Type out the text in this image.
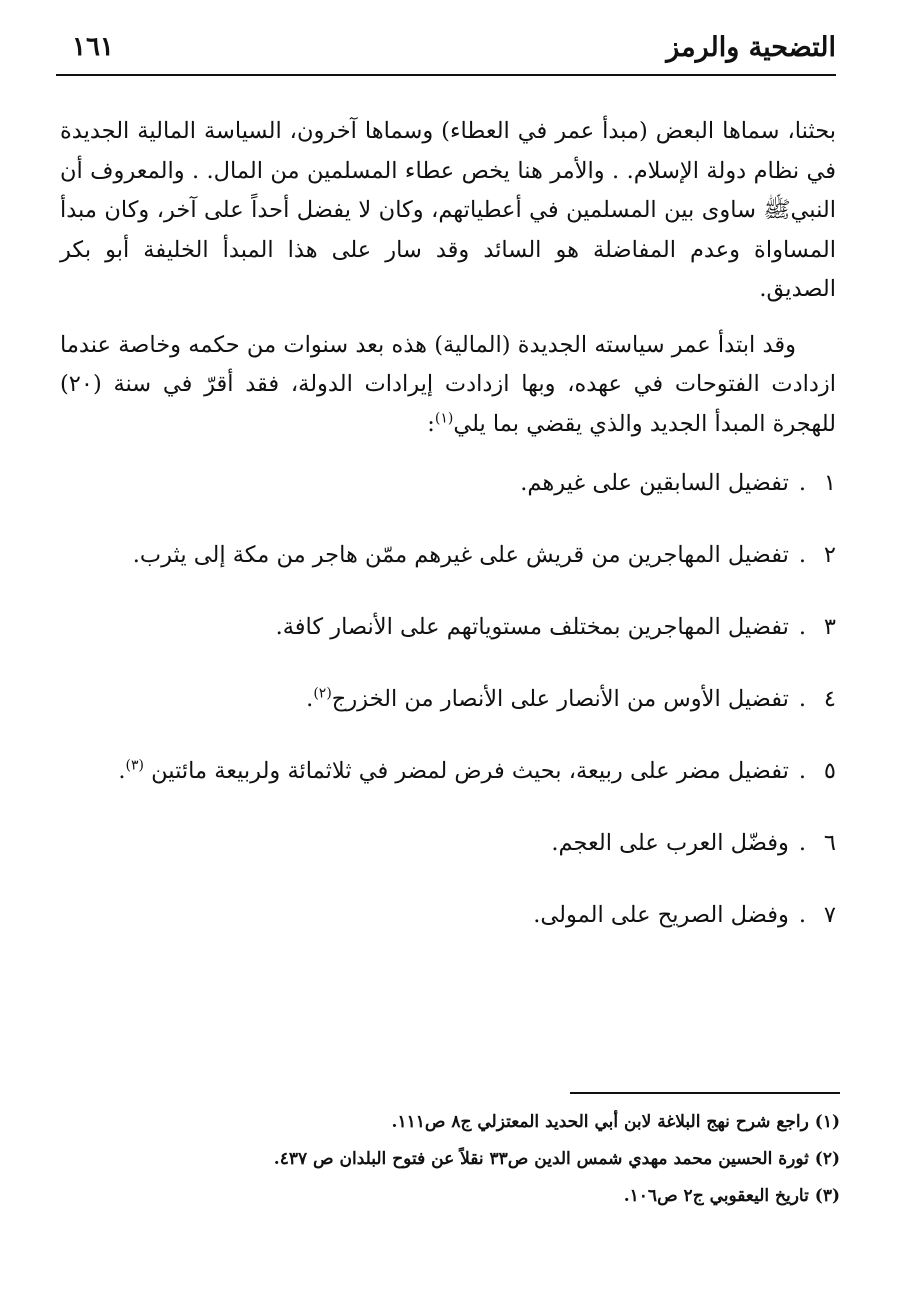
التضحية والرمز
١٦١

بحثنا، سماها البعض (مبدأ عمر في العطاء) وسماها آخرون، السياسة المالية الجديدة في نظام دولة الإسلام. . والأمر هنا يخص عطاء المسلمين من المال. . والمعروف أن النبيﷺ ساوى بين المسلمين في أعطياتهم، وكان لا يفضل أحداً على آخر، وكان مبدأ المساواة وعدم المفاضلة هو السائد وقد سار على هذا المبدأ الخليفة أبو بكر الصديق.

وقد ابتدأ عمر سياسته الجديدة (المالية) هذه بعد سنوات من حكمه وخاصة عندما ازدادت الفتوحات في عهده، وبها ازدادت إيرادات الدولة، فقد أقرّ في سنة (٢٠) للهجرة المبدأ الجديد والذي يقضي بما يلي$^{(١)}$:

١.تفضيل السابقين على غيرهم.
٢.تفضيل المهاجرين من قريش على غيرهم ممّن هاجر من مكة إلى يثرب.
٣.تفضيل المهاجرين بمختلف مستوياتهم على الأنصار كافة.
٤.تفضيل الأوس من الأنصار على الأنصار من الخزرج$^{(٢)}$.
٥.تفضيل مضر على ربيعة، بحيث فرض لمضر في ثلاثمائة ولربيعة مائتين $^{(٣)}$.
٦.وفضّل العرب على العجم.
٧.وفضل الصريح على المولى.

(١) راجع شرح نهج البلاغة لابن أبي الحديد المعتزلي ج٨ ص١١١.

(٢) ثورة الحسين محمد مهدي شمس الدين ص٣٣ نقلاً عن فتوح البلدان ص ٤٣٧.

(٣) تاريخ اليعقوبي ج٢ ص١٠٦.
